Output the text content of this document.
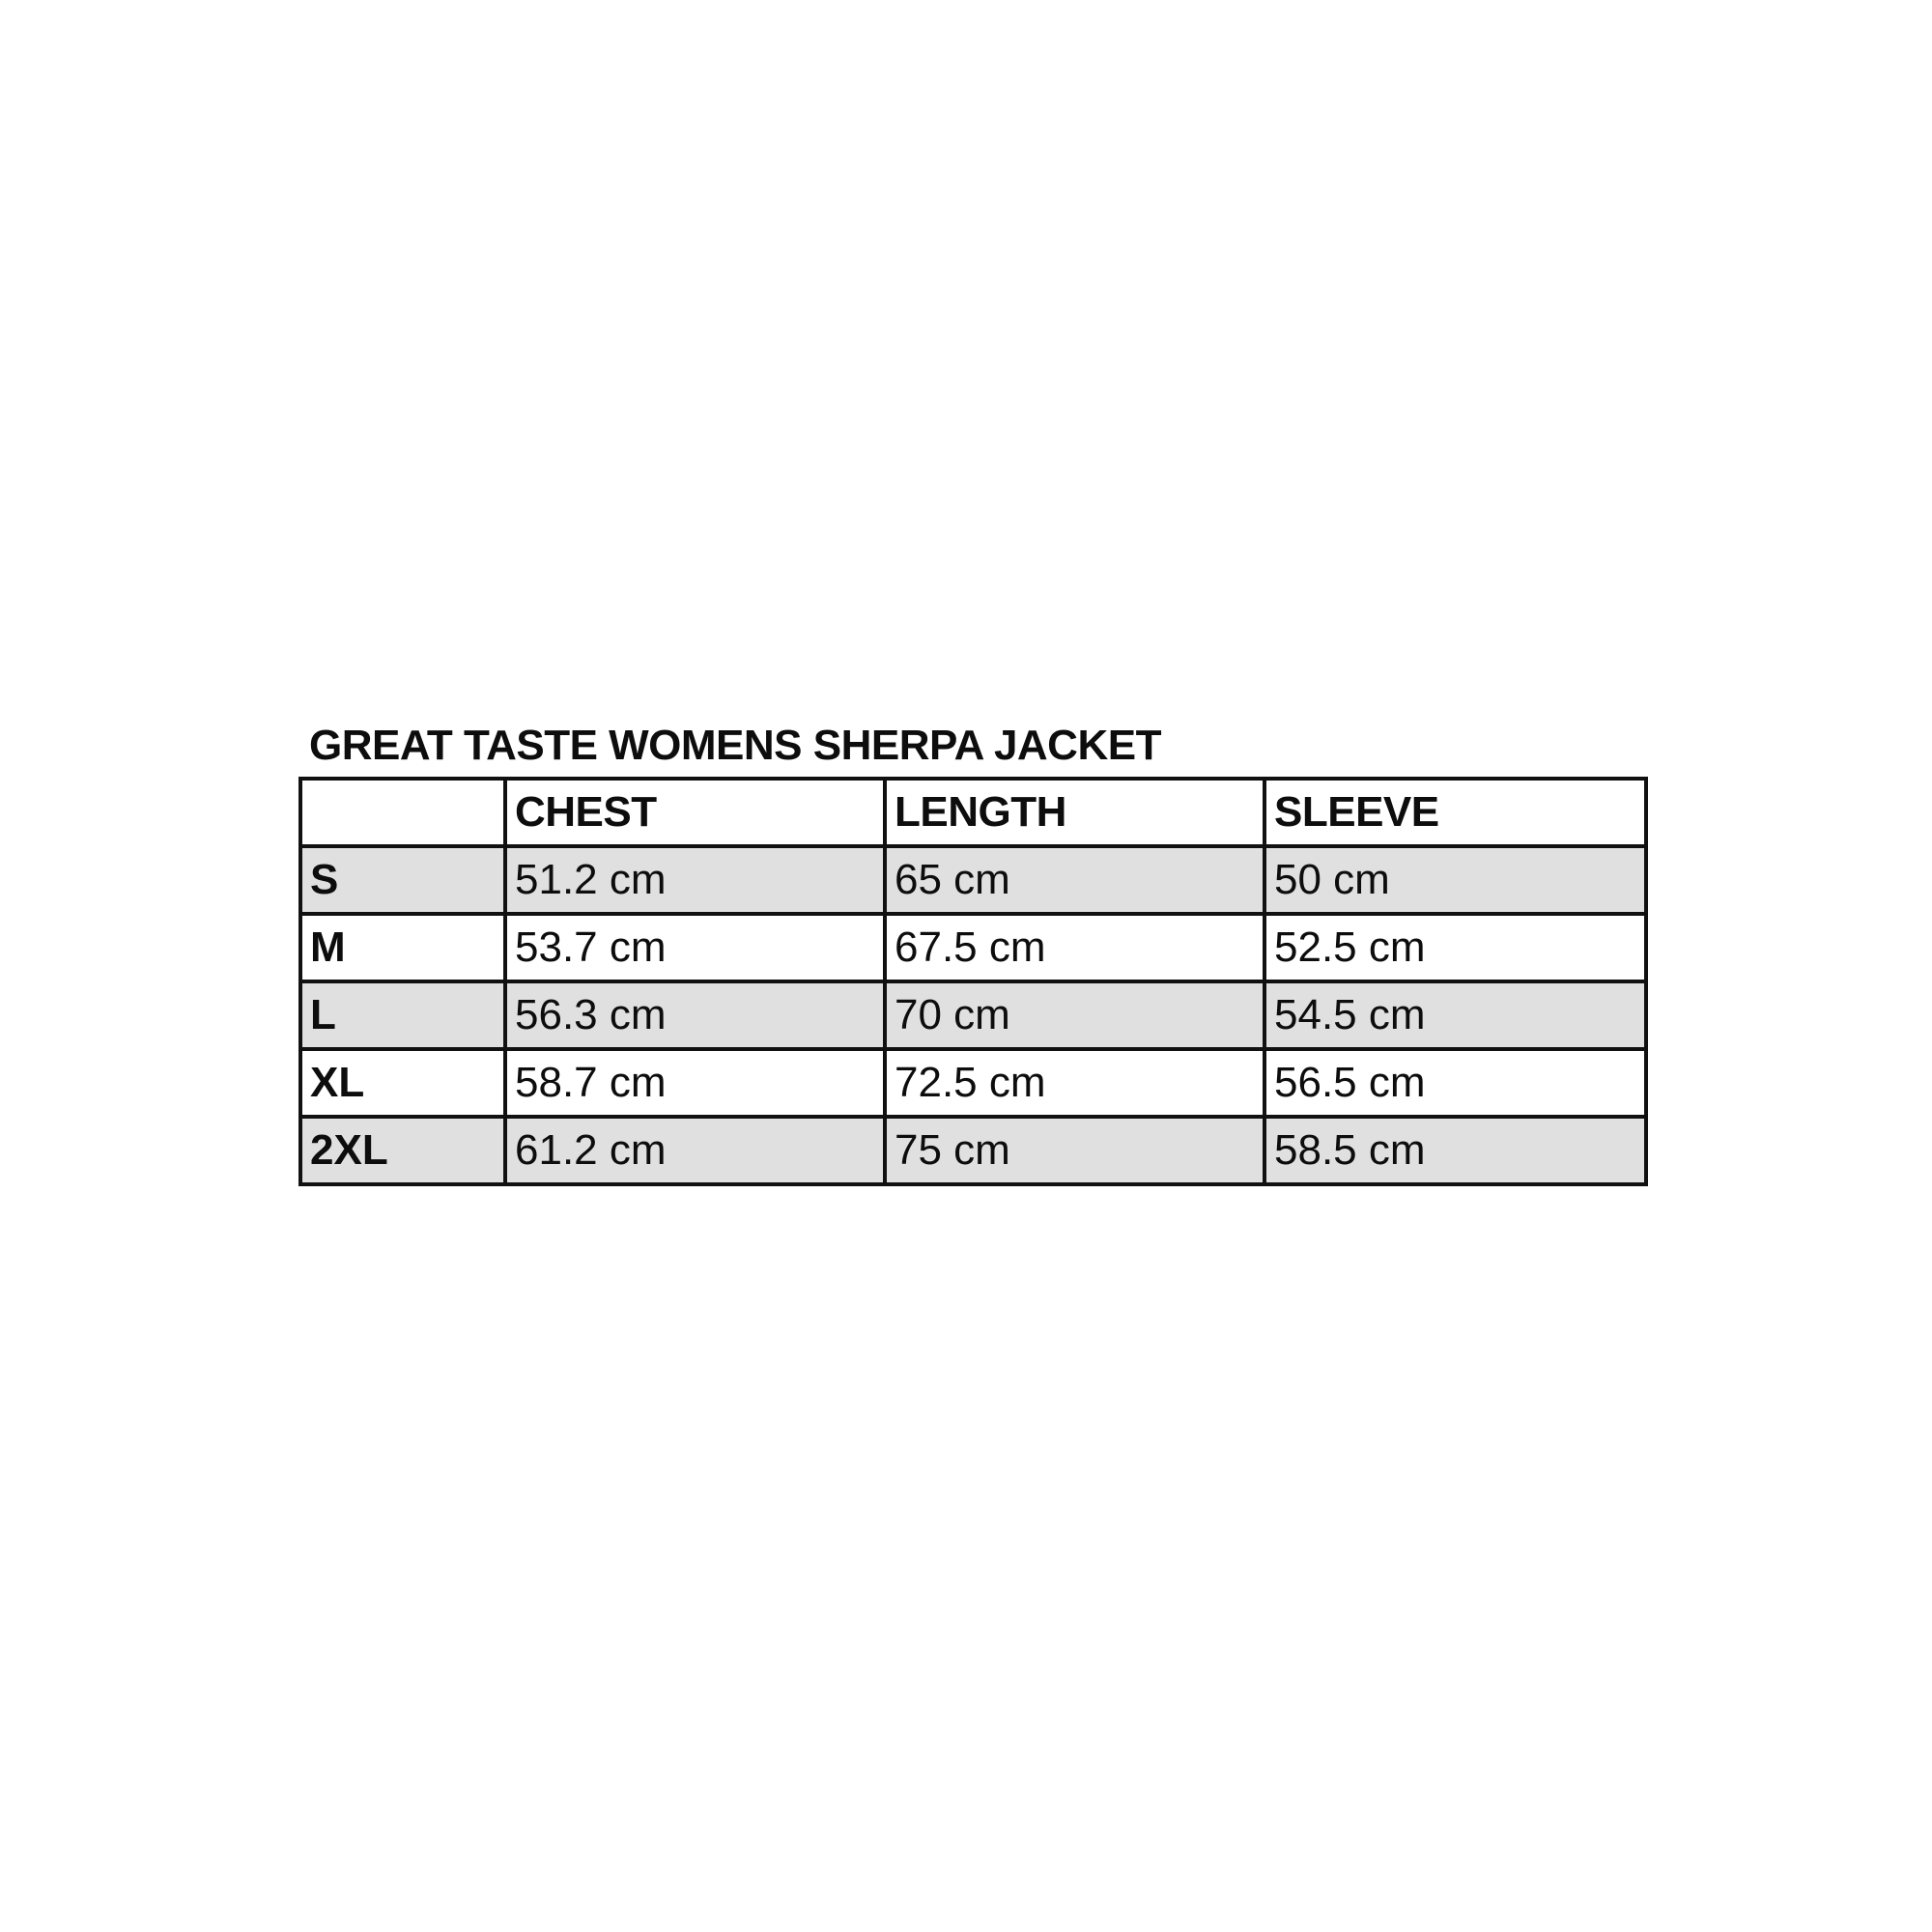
GREAT TASTE WOMENS SHERPA JACKET
	CHEST	LENGTH	SLEEVE
S	51.2 cm	65 cm	50 cm
M	53.7 cm	67.5 cm	52.5 cm
L	56.3 cm	70 cm	54.5 cm
XL	58.7 cm	72.5 cm	56.5 cm
2XL	61.2 cm	75 cm	58.5 cm
